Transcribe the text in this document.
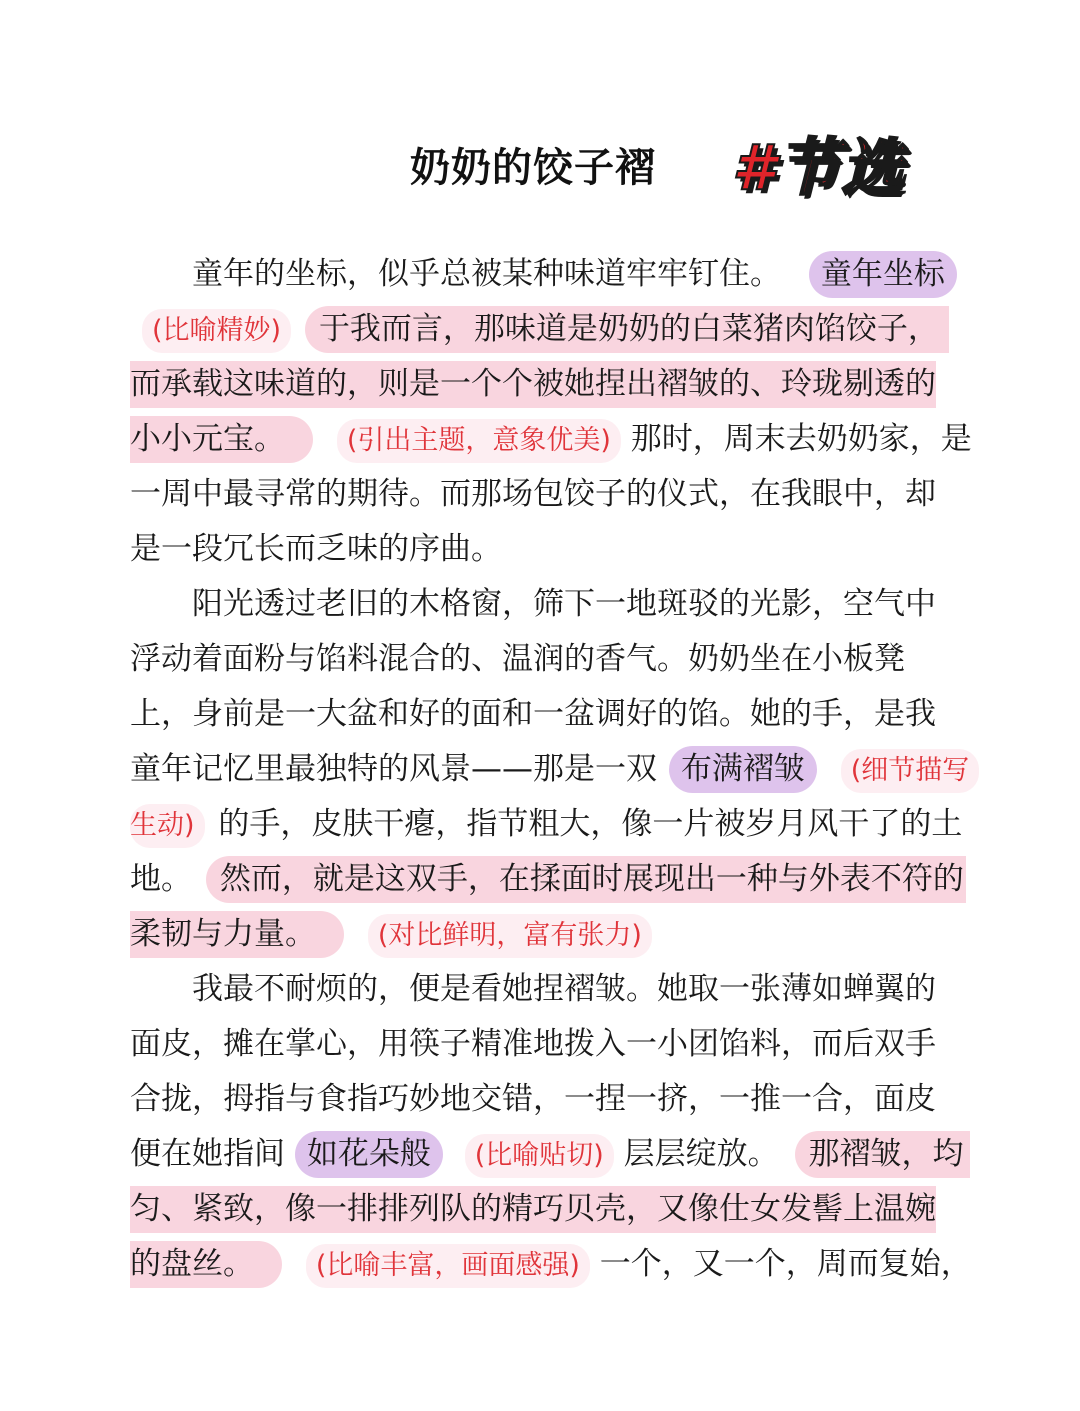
奶奶的饺子褶 #节选
童年的坐标，似乎总被某种味道牢牢钉住。 童年坐标
(比喻精妙) 于我而言，那味道是奶奶的白菜猪肉馅饺子，
而承载这味道的，则是一个个被她捏出褶皱的、玲珑剔透的
小小元宝。 (引出主题，意象优美) 那时，周末去奶奶家，是
一周中最寻常的期待。而那场包饺子的仪式，在我眼中，却
是一段冗长而乏味的序曲。
阳光透过老旧的木格窗，筛下一地斑驳的光影，空气中
浮动着面粉与馅料混合的、温润的香气。奶奶坐在小板凳
上，身前是一大盆和好的面和一盆调好的馅。她的手，是我
童年记忆里最独特的风景——那是一双 布满褶皱 (细节描写
生动) 的手，皮肤干瘪，指节粗大，像一片被岁月风干了的土
地。 然而，就是这双手，在揉面时展现出一种与外表不符的
柔韧与力量。 (对比鲜明，富有张力)
我最不耐烦的，便是看她捏褶皱。她取一张薄如蝉翼的
面皮，摊在掌心，用筷子精准地拨入一小团馅料，而后双手
合拢，拇指与食指巧妙地交错，一捏一挤，一推一合，面皮
便在她指间 如花朵般 (比喻贴切) 层层绽放。 那褶皱，均
匀、紧致，像一排排列队的精巧贝壳，又像仕女发髻上温婉
的盘丝。 (比喻丰富，画面感强) 一个，又一个，周而复始，
